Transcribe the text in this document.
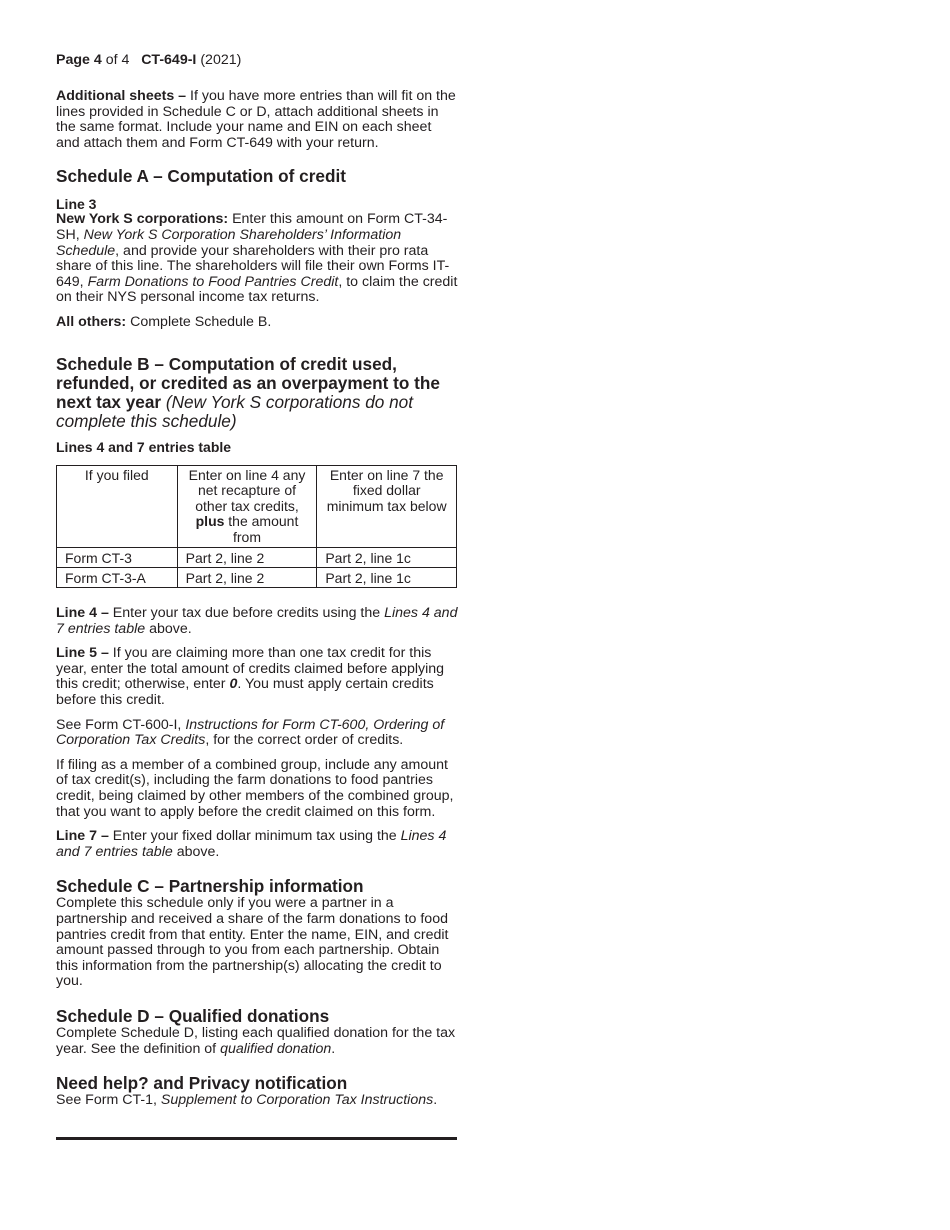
Page 4 of 4 CT-649-I (2021)

Additional sheets – If you have more entries than will fit on the lines provided in Schedule C or D, attach additional sheets in the same format. Include your name and EIN on each sheet and attach them and Form CT-649 with your return.

Schedule A – Computation of credit

Line 3

New York S corporations: Enter this amount on Form CT-34-SH, New York S Corporation Shareholders’ Information Schedule, and provide your shareholders with their pro rata share of this line. The shareholders will file their own Forms IT-649, Farm Donations to Food Pantries Credit, to claim the credit on their NYS personal income tax returns.

All others: Complete Schedule B.

Schedule B – Computation of credit used, refunded, or credited as an overpayment to the next tax year (New York S corporations do not complete this schedule)

Lines 4 and 7 entries table

If you filed	Enter on line 4 any net recapture of other tax credits, plus the amount from	Enter on line 7 the fixed dollar minimum tax below
Form CT-3	Part 2, line 2	Part 2, line 1c
Form CT-3-A	Part 2, line 2	Part 2, line 1c

Line 4 – Enter your tax due before credits using the Lines 4 and 7 entries table above.

Line 5 – If you are claiming more than one tax credit for this year, enter the total amount of credits claimed before applying this credit; otherwise, enter 0. You must apply certain credits before this credit.

See Form CT-600-I, Instructions for Form CT-600, Ordering of Corporation Tax Credits, for the correct order of credits.

If filing as a member of a combined group, include any amount of tax credit(s), including the farm donations to food pantries credit, being claimed by other members of the combined group, that you want to apply before the credit claimed on this form.

Line 7 – Enter your fixed dollar minimum tax using the Lines 4 and 7 entries table above.

Schedule C – Partnership information

Complete this schedule only if you were a partner in a partnership and received a share of the farm donations to food pantries credit from that entity. Enter the name, EIN, and credit amount passed through to you from each partnership. Obtain this information from the partnership(s) allocating the credit to you.

Schedule D – Qualified donations

Complete Schedule D, listing each qualified donation for the tax year. See the definition of qualified donation.

Need help? and Privacy notification

See Form CT-1, Supplement to Corporation Tax Instructions.
